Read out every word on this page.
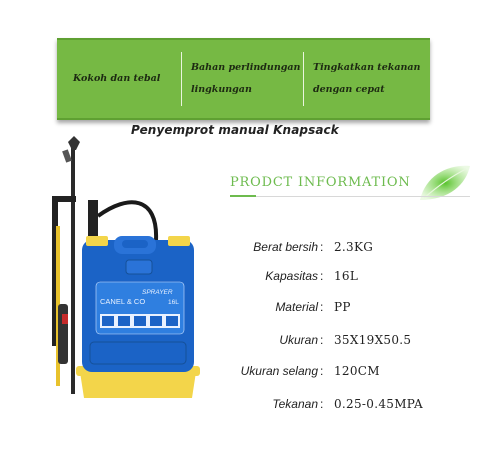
Kokoh dan tebal
Bahan perlindungan lingkungan
Tingkatkan tekanan dengan cepat
Penyemprot manual Knapsack
PRODCT INFORMATION
Berat bersih : 2.3KG
Kapasitas : 16L
Material : PP
Ukuran : 35X19X50.5
Ukuran selang : 120CM
Tekanan : 0.25-0.45MPA
CANEL & CO
SPRAYER
16L
